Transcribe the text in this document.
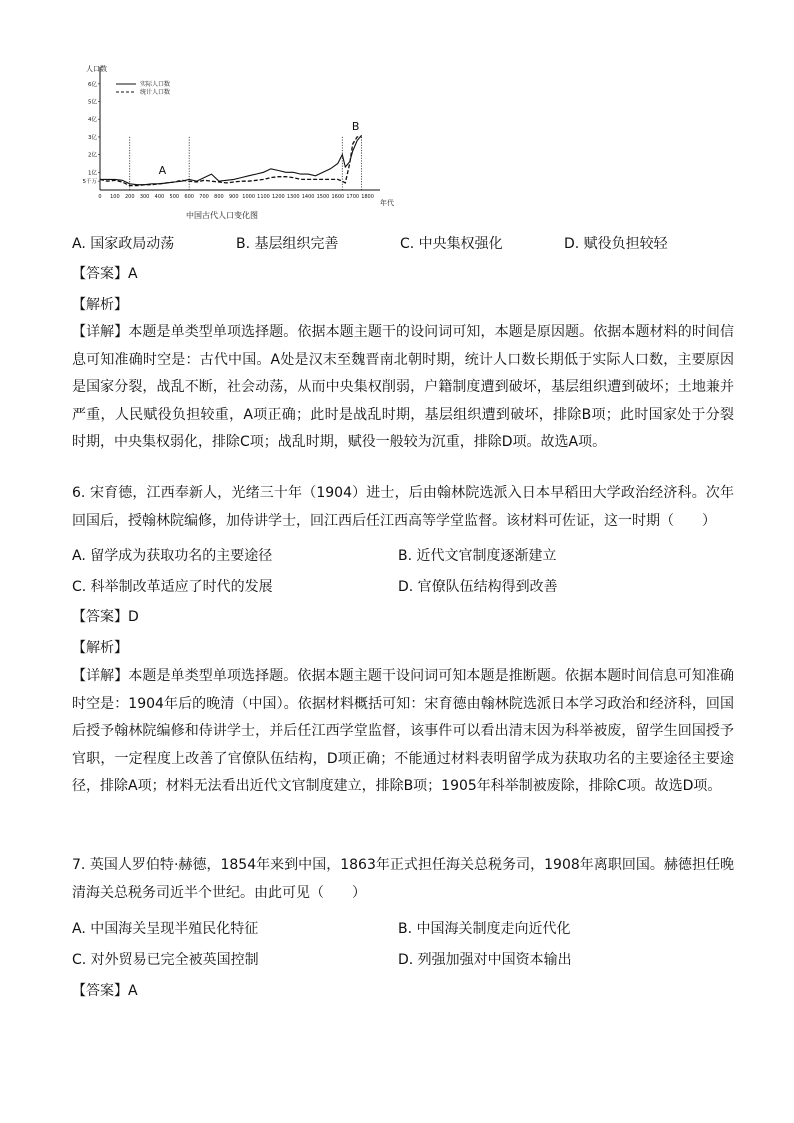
5千万
1亿
2亿
3亿
4亿
5亿
6亿
0 100 200 300 400 500 600 700 800 900 1000 1100 1200 1300 1400 1500 1600 1700 1800
实际人口数
统计人口数
A
B
人口数
年代
中国古代人口变化图
A. 国家政局动荡	B. 基层组织完善	C. 中央集权强化	D. 赋役负担较轻
【答案】A
【解析】
【详解】本题是单类型单项选择题。依据本题主题干的设问词可知，本题是原因题。依据本题材料的时间信息可知准确时空是：古代中国。A处是汉末至魏晋南北朝时期，统计人口数长期低于实际人口数，主要原因是国家分裂，战乱不断，社会动荡，从而中央集权削弱，户籍制度遭到破坏，基层组织遭到破坏；土地兼并严重，人民赋役负担较重，A项正确；此时是战乱时期，基层组织遭到破坏，排除B项；此时国家处于分裂时期，中央集权弱化，排除C项；战乱时期，赋役一般较为沉重，排除D项。故选A项。
6. 宋育德，江西奉新人，光绪三十年（1904）进士，后由翰林院选派入日本早稻田大学政治经济科。次年回国后，授翰林院编修，加侍讲学士，回江西后任江西高等学堂监督。该材料可佐证，这一时期（　　）
A. 留学成为获取功名的主要途径	B. 近代文官制度逐渐建立
C. 科举制改革适应了时代的发展	D. 官僚队伍结构得到改善
【答案】D
【解析】
【详解】本题是单类型单项选择题。依据本题主题干设问词可知本题是推断题。依据本题时间信息可知准确时空是：1904年后的晚清（中国）。依据材料概括可知：宋育德由翰林院选派日本学习政治和经济科，回国后授予翰林院编修和侍讲学士，并后任江西学堂监督，该事件可以看出清末因为科举被废，留学生回国授予官职，一定程度上改善了官僚队伍结构，D项正确；不能通过材料表明留学成为获取功名的主要途径主要途径，排除A项；材料无法看出近代文官制度建立，排除B项；1905年科举制被废除，排除C项。故选D项。
7. 英国人罗伯特·赫德，1854年来到中国，1863年正式担任海关总税务司，1908年离职回国。赫德担任晚清海关总税务司近半个世纪。由此可见（　　）
A. 中国海关呈现半殖民化特征	B. 中国海关制度走向近代化
C. 对外贸易已完全被英国控制	D. 列强加强对中国资本输出
【答案】A
